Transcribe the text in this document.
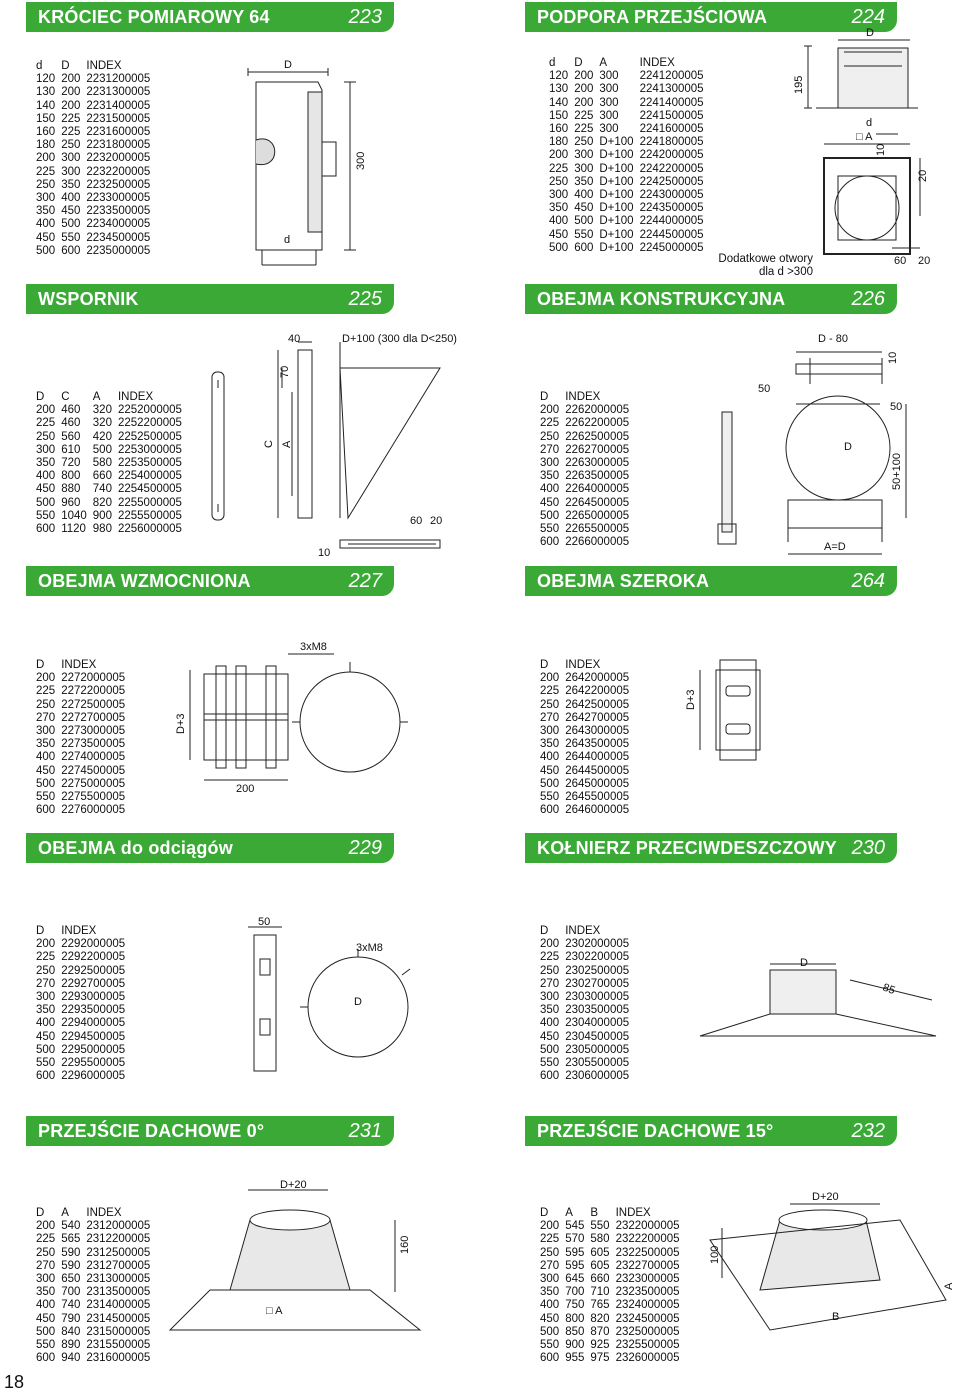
KRÓCIEC POMIAROWY 64	223	PODPORA PRZEJŚCIOWA	224
WSPORNIK	225	OBEJMA KONSTRUKCYJNA	226
OBEJMA WZMOCNIONA	227	OBEJMA SZEROKA	264
OBEJMA do odciągów	229	KOŁNIERZ PRZECIWDESZCZOWY 230
PRZEJŚCIE DACHOWE 0°	231	PRZEJŚCIE DACHOWE 15°	232
d	D	INDEX
120	200	2231200005
130	200	2231300005
140	200	2231400005
150	225	2231500005
160	225	2231600005
180	250	2231800005
200	300	2232000005
225	300	2232200005
250	350	2232500005
300	400	2233000005
350	450	2233500005
400	500	2234000005
450	550	2234500005
500	600	2235000005
d	D	A	INDEX
120	200	300	2241200005
130	200	300	2241300005
140	200	300	2241400005
150	225	300	2241500005
160	225	300	2241600005
180	250	D+100	2241800005
200	300	D+100	2242000005
225	300	D+100	2242200005
250	350	D+100	2242500005
300	400	D+100	2243000005
350	450	D+100	2243500005
400	500	D+100	2244000005
450	550	D+100	2244500005
500	600	D+100	2245000005
D	C	A	INDEX
200	460	320	2252000005
225	460	320	2252200005
250	560	420	2252500005
300	610	500	2253000005
350	720	580	2253500005
400	800	660	2254000005
450	880	740	2254500005
500	960	820	2255000005
550	1040	900	2255500005
600	1120	980	2256000005
D	INDEX
200	2262000005
225	2262200005
250	2262500005
270	2262700005
300	2263000005
350	2263500005
400	2264000005
450	2264500005
500	2265000005
550	2265500005
600	2266000005
D	INDEX
200	2272000005
225	2272200005
250	2272500005
270	2272700005
300	2273000005
350	2273500005
400	2274000005
450	2274500005
500	2275000005
550	2275500005
600	2276000005
D	INDEX
200	2642000005
225	2642200005
250	2642500005
270	2642700005
300	2643000005
350	2643500005
400	2644000005
450	2644500005
500	2645000005
550	2645500005
600	2646000005
D	INDEX
200	2292000005
225	2292200005
250	2292500005
270	2292700005
300	2293000005
350	2293500005
400	2294000005
450	2294500005
500	2295000005
550	2295500005
600	2296000005
D	INDEX
200	2302000005
225	2302200005
250	2302500005
270	2302700005
300	2303000005
350	2303500005
400	2304000005
450	2304500005
500	2305000005
550	2305500005
600	2306000005
D	A	INDEX
200	540	2312000005
225	565	2312200005
250	590	2312500005
270	590	2312700005
300	650	2313000005
350	700	2313500005
400	740	2314000005
450	790	2314500005
500	840	2315000005
550	890	2315500005
600	940	2316000005
D	A	B	INDEX
200	545	550	2322000005
225	570	580	2322200005
250	595	605	2322500005
270	595	605	2322700005
300	645	660	2323000005
350	700	710	2323500005
400	750	765	2324000005
450	800	820	2324500005
500	850	870	2325000005
550	900	925	2325500005
600	955	975	2326000005
D
d
300
D
195
d
□ A
10
20
60 20
Dodatkowe otwory
dla d >300
40	D+100 (300 dla D<250)
70
C A
10
60 20
D - 80
10
50
50
D
50+100
A=D
D+3
200
3xM8
D+3
50
3xM8
D
D
85
D+20
160
□ A
D+20
100
A
B
18
